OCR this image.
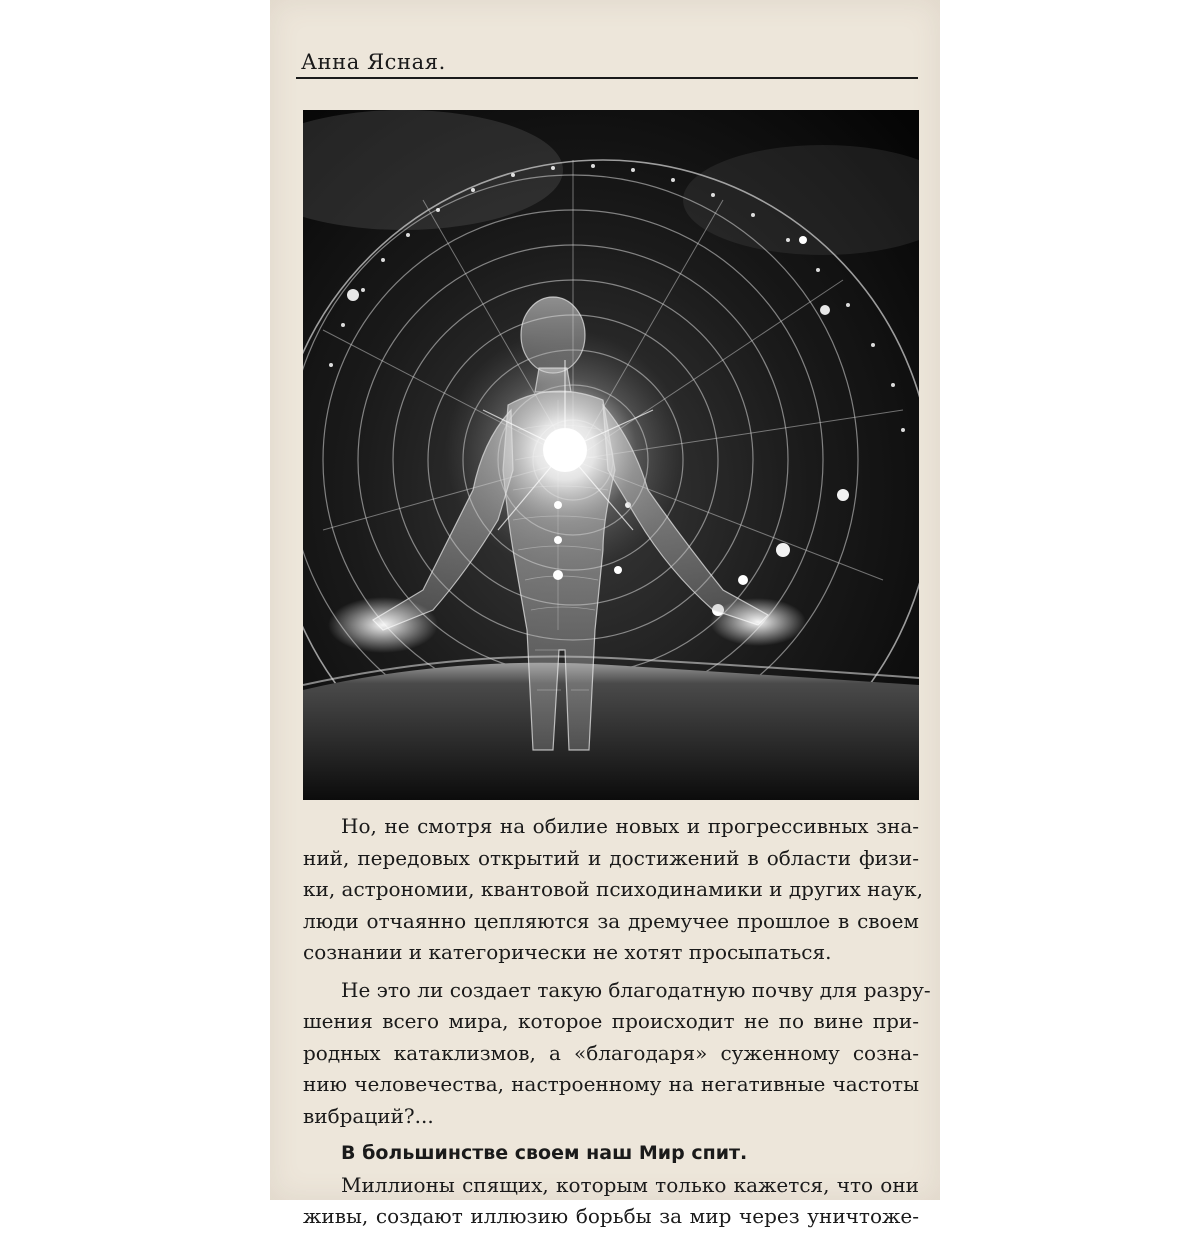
Анна Ясная.

Но, не смотря на обилие новых и прогрессивных зна-
ний, передовых открытий и достижений в области физи-
ки, астрономии, квантовой психодинамики и других наук,
люди отчаянно цепляются за дремучее прошлое в своем
сознании и категорически не хотят просыпаться.

Не это ли создает такую благодатную почву для разру-
шения всего мира, которое происходит не по вине при-
родных катаклизмов, а «благодаря» суженному созна-
нию человечества, настроенному на негативные частоты
вибраций?...

В большинстве своем наш Мир спит.

Миллионы спящих, которым только кажется, что они
живы, создают иллюзию борьбы за мир через уничтоже-
